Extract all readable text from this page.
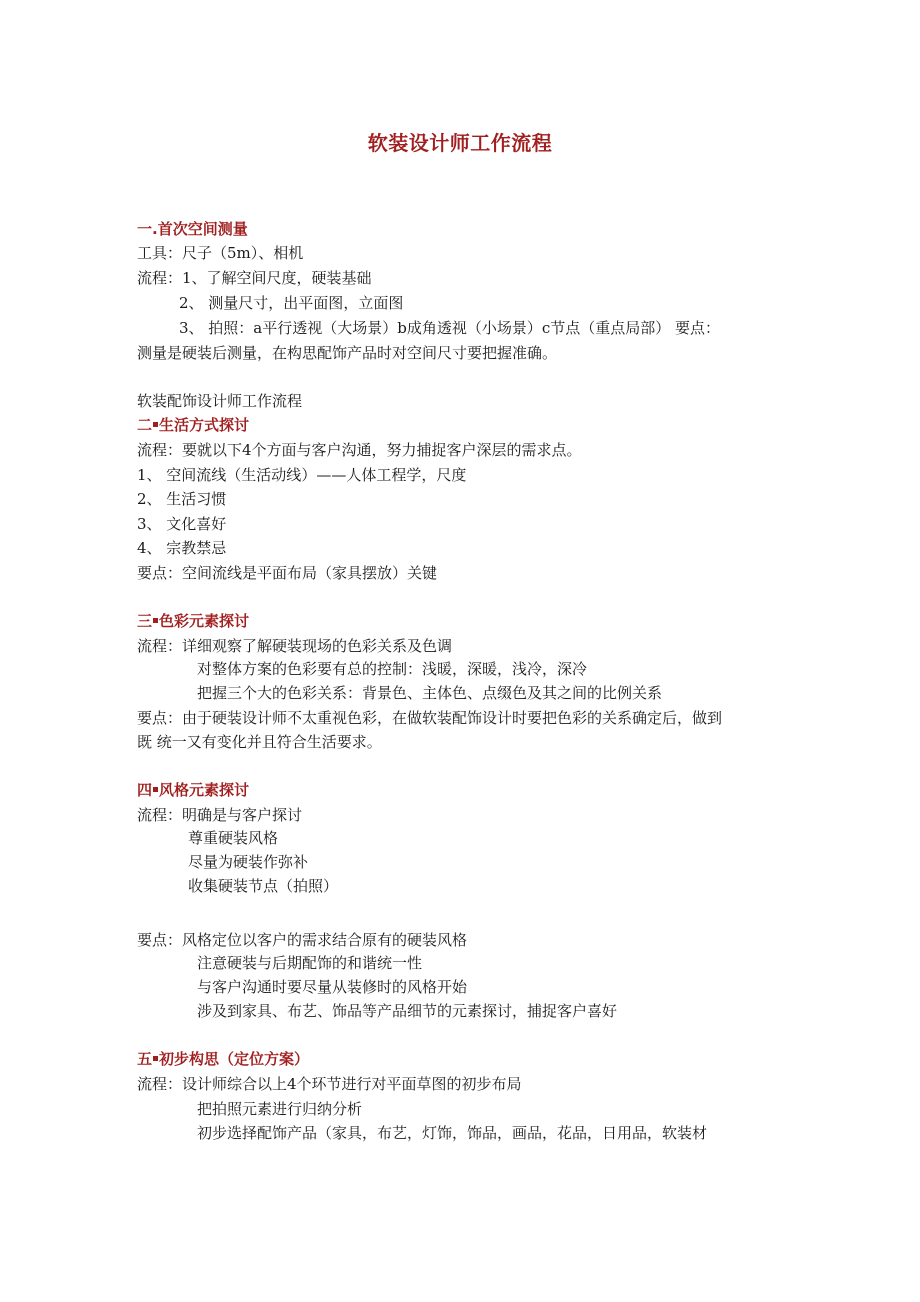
软装设计师工作流程
一.首次空间测量
工具：尺子（5m）、相机
流程：1、了解空间尺度，硬装基础
2、 测量尺寸，出平面图，立面图
3、 拍照：a平行透视（大场景）b成角透视（小场景）c节点（重点局部） 要点：
测量是硬装后测量，在构思配饰产品时对空间尺寸要把握准确。
软装配饰设计师工作流程
二 生活方式探讨
流程：要就以下4个方面与客户沟通，努力捕捉客户深层的需求点。
1、 空间流线（生活动线）——人体工程学，尺度
2、 生活习惯
3、 文化喜好
4、 宗教禁忌
要点：空间流线是平面布局（家具摆放）关键
三 色彩元素探讨
流程：详细观察了解硬装现场的色彩关系及色调
对整体方案的色彩要有总的控制：浅暖，深暖，浅冷，深冷
把握三个大的色彩关系：背景色、主体色、点缀色及其之间的比例关系
要点：由于硬装设计师不太重视色彩，在做软装配饰设计时要把色彩的关系确定后，做到
既 统一又有变化并且符合生活要求。
四 风格元素探讨
流程：明确是与客户探讨
尊重硬装风格
尽量为硬装作弥补
收集硬装节点（拍照）
要点：风格定位以客户的需求结合原有的硬装风格
注意硬装与后期配饰的和谐统一性
与客户沟通时要尽量从装修时的风格开始
涉及到家具、布艺、饰品等产品细节的元素探讨，捕捉客户喜好
五 初步构思（定位方案）
流程：设计师综合以上4个环节进行对平面草图的初步布局
把拍照元素进行归纳分析
初步选择配饰产品（家具，布艺，灯饰，饰品，画品，花品，日用品，软装材
